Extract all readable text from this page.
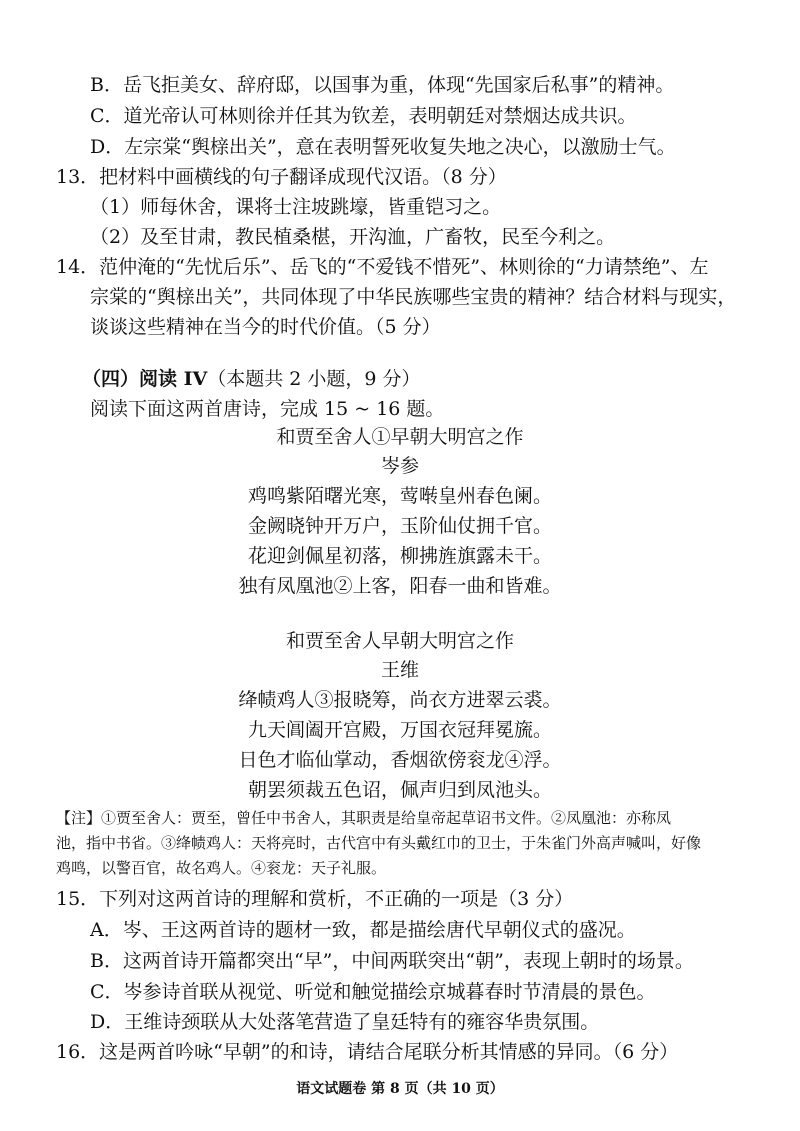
B．岳飞拒美女、辞府邸，以国事为重，体现“先国家后私事”的精神。
C．道光帝认可林则徐并任其为钦差，表明朝廷对禁烟达成共识。
D．左宗棠“舆榇出关”，意在表明誓死收复失地之决心，以激励士气。
13．把材料中画横线的句子翻译成现代汉语。（8 分）
（1）师每休舍，课将士注坡跳壕，皆重铠习之。
（2）及至甘肃，教民植桑椹，开沟洫，广畜牧，民至今利之。
14．范仲淹的“先忧后乐”、岳飞的“不爱钱不惜死”、林则徐的“力请禁绝”、左
宗棠的“舆榇出关”，共同体现了中华民族哪些宝贵的精神？结合材料与现实，
谈谈这些精神在当今的时代价值。（5 分）
（四）阅读 IV（本题共 2 小题，9 分）
阅读下面这两首唐诗，完成 15 ~ 16 题。
和贾至舍人①早朝大明宫之作
岑参
鸡鸣紫陌曙光寒，莺啭皇州春色阑。
金阙晓钟开万户，玉阶仙仗拥千官。
花迎剑佩星初落，柳拂旌旗露未干。
独有凤凰池②上客，阳春一曲和皆难。
和贾至舍人早朝大明宫之作
王维
绛帻鸡人③报晓筹，尚衣方进翠云裘。
九天阊阖开宫殿，万国衣冠拜冕旒。
日色才临仙掌动，香烟欲傍衮龙④浮。
朝罢须裁五色诏，佩声归到凤池头。
【注】①贾至舍人：贾至，曾任中书舍人，其职责是给皇帝起草诏书文件。②凤凰池：亦称凤
池，指中书省。③绛帻鸡人：天将亮时，古代宫中有头戴红巾的卫士，于朱雀门外高声喊叫，好像
鸡鸣，以警百官，故名鸡人。④衮龙：天子礼服。
15．下列对这两首诗的理解和赏析，不正确的一项是（3 分）
A．岑、王这两首诗的题材一致，都是描绘唐代早朝仪式的盛况。
B．这两首诗开篇都突出“早”，中间两联突出“朝”，表现上朝时的场景。
C．岑参诗首联从视觉、听觉和触觉描绘京城暮春时节清晨的景色。
D．王维诗颈联从大处落笔营造了皇廷特有的雍容华贵氛围。
16．这是两首吟咏“早朝”的和诗，请结合尾联分析其情感的异同。（6 分）
语文试题卷 第 8 页（共 10 页）
